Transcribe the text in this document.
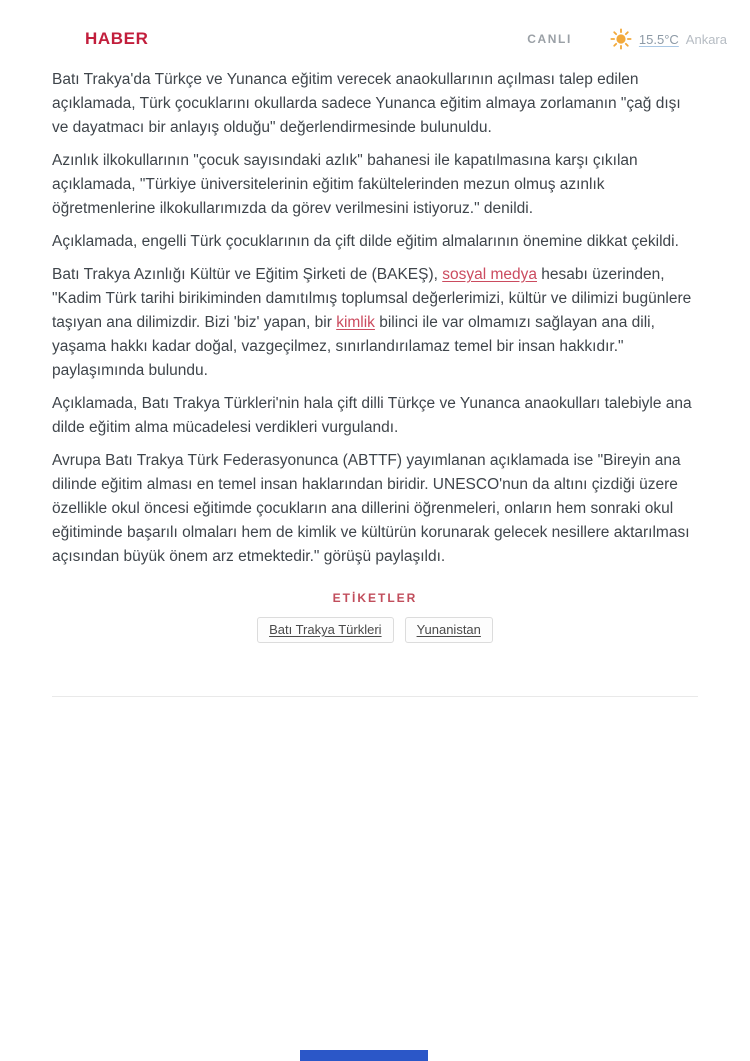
HABER	CANLI	15.5°C Ankara

Batı Trakya'da Türkçe ve Yunanca eğitim verecek anaokullarının açılması talep edilen açıklamada, Türk çocuklarını okullarda sadece Yunanca eğitim almaya zorlamanın "çağ dışı ve dayatmacı bir anlayış olduğu" değerlendirmesinde bulunuldu.

Azınlık ilkokullarının "çocuk sayısındaki azlık" bahanesi ile kapatılmasına karşı çıkılan açıklamada, "Türkiye üniversitelerinin eğitim fakültelerinden mezun olmuş azınlık öğretmenlerine ilkokullarımızda da görev verilmesini istiyoruz." denildi.

Açıklamada, engelli Türk çocuklarının da çift dilde eğitim almalarının önemine dikkat çekildi.

Batı Trakya Azınlığı Kültür ve Eğitim Şirketi de (BAKEŞ), sosyal medya hesabı üzerinden, "Kadim Türk tarihi birikiminden damıtılmış toplumsal değerlerimizi, kültür ve dilimizi bugünlere taşıyan ana dilimizdir. Bizi 'biz' yapan, bir kimlik bilinci ile var olmamızı sağlayan ana dili, yaşama hakkı kadar doğal, vazgeçilmez, sınırlandırılamaz temel bir insan hakkıdır." paylaşımında bulundu.

Açıklamada, Batı Trakya Türkleri'nin hala çift dilli Türkçe ve Yunanca anaokulları talebiyle ana dilde eğitim alma mücadelesi verdikleri vurgulandı.

Avrupa Batı Trakya Türk Federasyonunca (ABTTF) yayımlanan açıklamada ise "Bireyin ana dilinde eğitim alması en temel insan haklarından biridir. UNESCO'nun da altını çizdiği üzere özellikle okul öncesi eğitimde çocukların ana dillerini öğrenmeleri, onların hem sonraki okul eğitiminde başarılı olmaları hem de kimlik ve kültürün korunarak gelecek nesillere aktarılması açısından büyük önem arz etmektedir." görüşü paylaşıldı.

ETİKETLER
Batı Trakya Türkleri	Yunanistan
